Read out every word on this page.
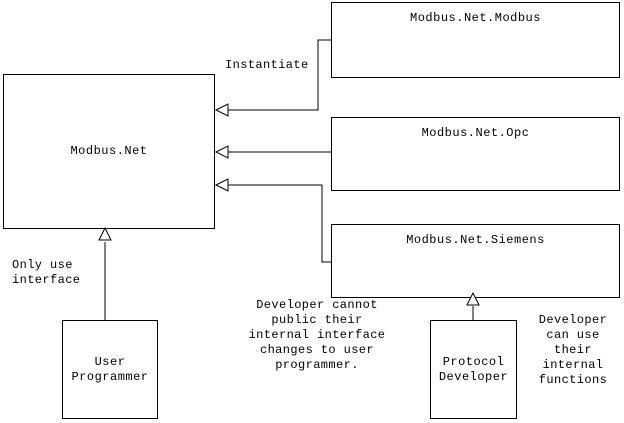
Modbus.Net
Modbus.Net.Modbus
Modbus.Net.Opc
Modbus.Net.Siemens
User Programmer
Protocol Developer
Instantiate
Only use interface
Developer cannot public their internal interface changes to user programmer.
Developer can use their internal functions
